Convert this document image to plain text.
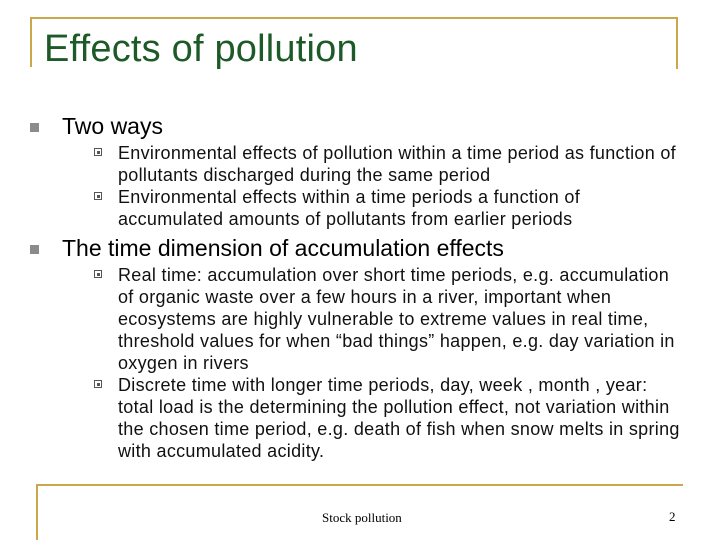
Effects of pollution
Two ways
Environmental effects of pollution within a time period as function of pollutants discharged during the same period
Environmental effects within a time periods a function of accumulated amounts of pollutants from earlier periods
The time dimension of accumulation effects
Real time: accumulation over short time periods, e.g. accumulation of organic waste over a few hours in a river, important when ecosystems are highly vulnerable to extreme values in real time, threshold values for when “bad things” happen, e.g. day variation in oxygen in rivers
Discrete time with longer time periods, day, week , month , year: total load is the determining the pollution effect, not variation within the chosen time period, e.g. death of fish when snow melts in spring with accumulated acidity.
Stock pollution	2
